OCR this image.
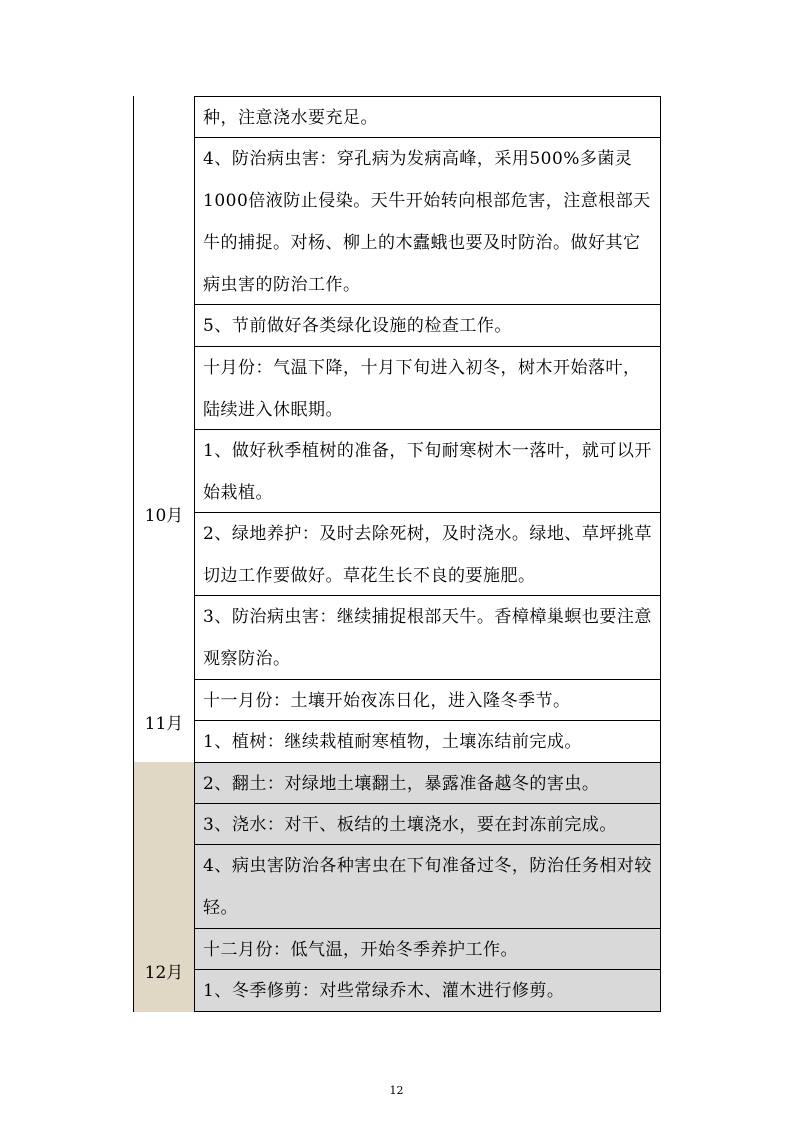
10月
11月
12月
种，注意浇水要充足。
4、防治病虫害：穿孔病为发病高峰，采用500%多菌灵1000倍液防止侵染。天牛开始转向根部危害，注意根部天牛的捕捉。对杨、柳上的木蠹蛾也要及时防治。做好其它病虫害的防治工作。
5、节前做好各类绿化设施的检查工作。
十月份：气温下降，十月下旬进入初冬，树木开始落叶，陆续进入休眠期。
1、做好秋季植树的准备，下旬耐寒树木一落叶，就可以开始栽植。
2、绿地养护：及时去除死树，及时浇水。绿地、草坪挑草切边工作要做好。草花生长不良的要施肥。
3、防治病虫害：继续捕捉根部天牛。香樟樟巢螟也要注意观察防治。
十一月份：土壤开始夜冻日化，进入隆冬季节。
1、植树：继续栽植耐寒植物，土壤冻结前完成。
2、翻土：对绿地土壤翻土，暴露准备越冬的害虫。
3、浇水：对干、板结的土壤浇水，要在封冻前完成。
4、病虫害防治各种害虫在下旬准备过冬，防治任务相对较轻。
十二月份：低气温，开始冬季养护工作。
1、冬季修剪：对些常绿乔木、灌木进行修剪。
12
